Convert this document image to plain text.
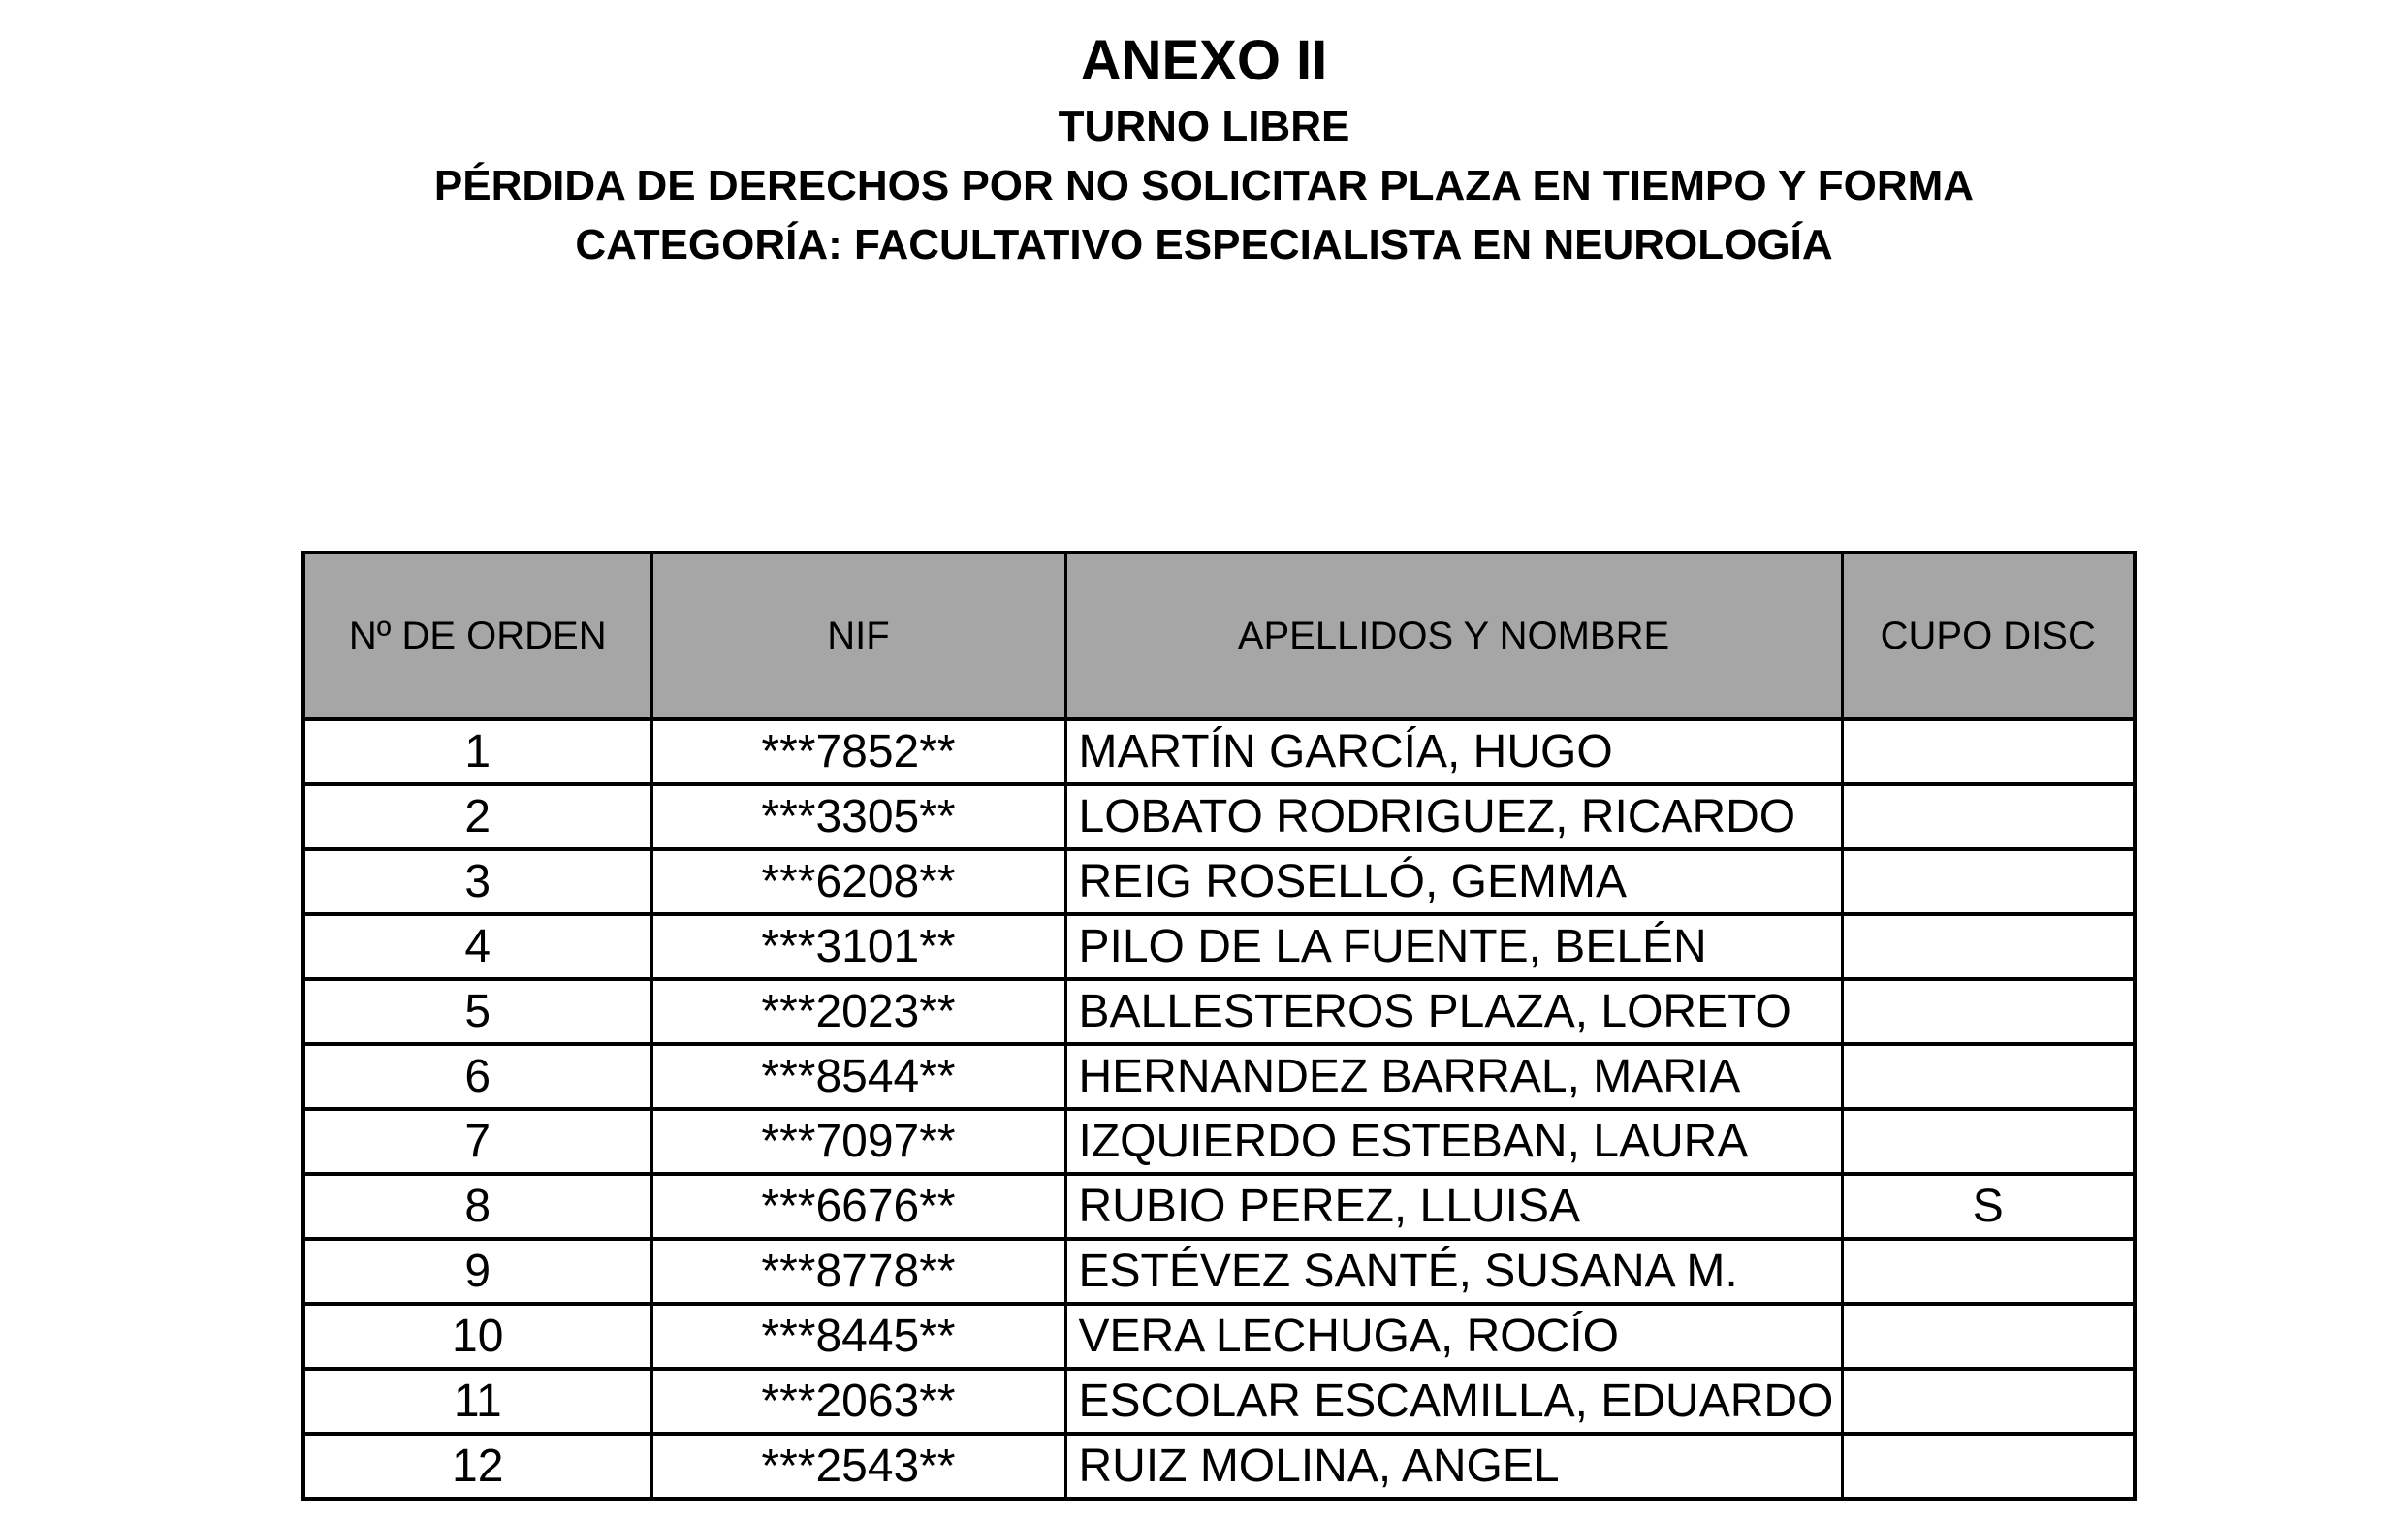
ANEXO II
TURNO LIBRE
PÉRDIDA DE DERECHOS POR NO SOLICITAR PLAZA EN TIEMPO Y FORMA
CATEGORÍA: FACULTATIVO ESPECIALISTA EN NEUROLOGÍA
Nº DE ORDEN	NIF	APELLIDOS Y NOMBRE	CUPO DISC
1	***7852**	MARTÍN GARCÍA, HUGO	
2	***3305**	LOBATO RODRIGUEZ, RICARDO	
3	***6208**	REIG ROSELLÓ, GEMMA	
4	***3101**	PILO DE LA FUENTE, BELÉN	
5	***2023**	BALLESTEROS PLAZA, LORETO	
6	***8544**	HERNANDEZ BARRAL, MARIA	
7	***7097**	IZQUIERDO ESTEBAN, LAURA	
8	***6676**	RUBIO PEREZ, LLUISA	S
9	***8778**	ESTÉVEZ SANTÉ, SUSANA M.	
10	***8445**	VERA LECHUGA, ROCÍO	
11	***2063**	ESCOLAR ESCAMILLA, EDUARDO	
12	***2543**	RUIZ MOLINA, ANGEL	
